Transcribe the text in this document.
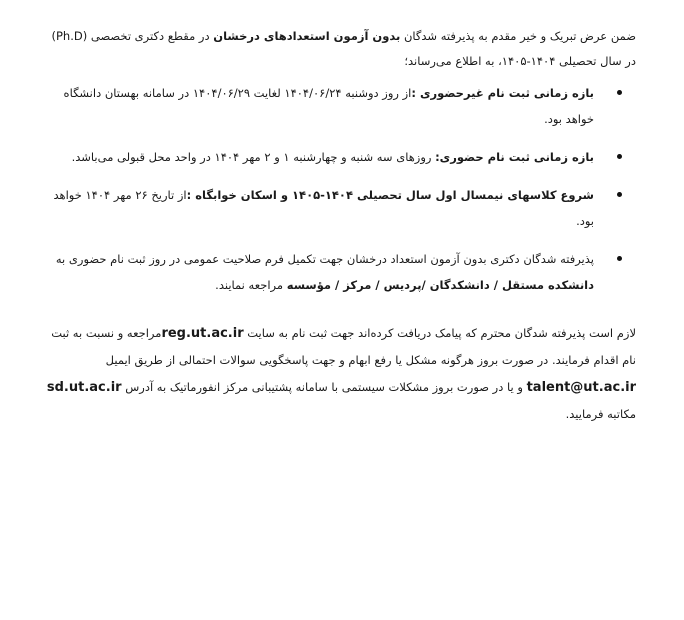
ضمن عرض تبریک و خیر مقدم به پذیرفته شدگان بدون آزمون استعدادهای درخشان در مقطع دکتری تخصصی (Ph.D) در سال تحصیلی ۱۴۰۴-۱۴۰۵، به اطلاع می‌رساند؛

بازه زمانی ثبت نام غیرحضوری :از روز دوشنبه ۱۴۰۴/۰۶/۲۴ لغایت ۱۴۰۴/۰۶/۲۹ در سامانه بهستان دانشگاه خواهد بود.
بازه زمانی ثبت نام حضوری: روزهای سه شنبه و چهارشنبه ۱ و ۲ مهر ۱۴۰۴ در واحد محل قبولی می‌باشد.
شروع کلاسهای نیمسال اول سال تحصیلی ۱۴۰۴-۱۴۰۵ و اسکان خوابگاه :از تاریخ ۲۶ مهر ۱۴۰۴ خواهد بود.
پذیرفته شدگان دکتری بدون آزمون استعداد درخشان جهت تکمیل فرم صلاحیت عمومی در روز ثبت نام حضوری به دانشکده مستقل / دانشکدگان /پردیس / مرکز / مؤسسه مراجعه نمایند.

لازم است پذیرفته شدگان محترم که پیامک دریافت کرده‌اند جهت ثبت نام به سایت reg.ut.ac.irمراجعه و نسبت به ثبت نام اقدام فرمایند. در صورت بروز هرگونه مشکل یا رفع ابهام و جهت پاسخگویی سوالات احتمالی از طریق ایمیل talent@ut.ac.ir و یا در صورت بروز مشکلات سیستمی با سامانه پشتیبانی مرکز انفورماتیک به آدرس sd.ut.ac.ir مکاتبه فرمایید.
